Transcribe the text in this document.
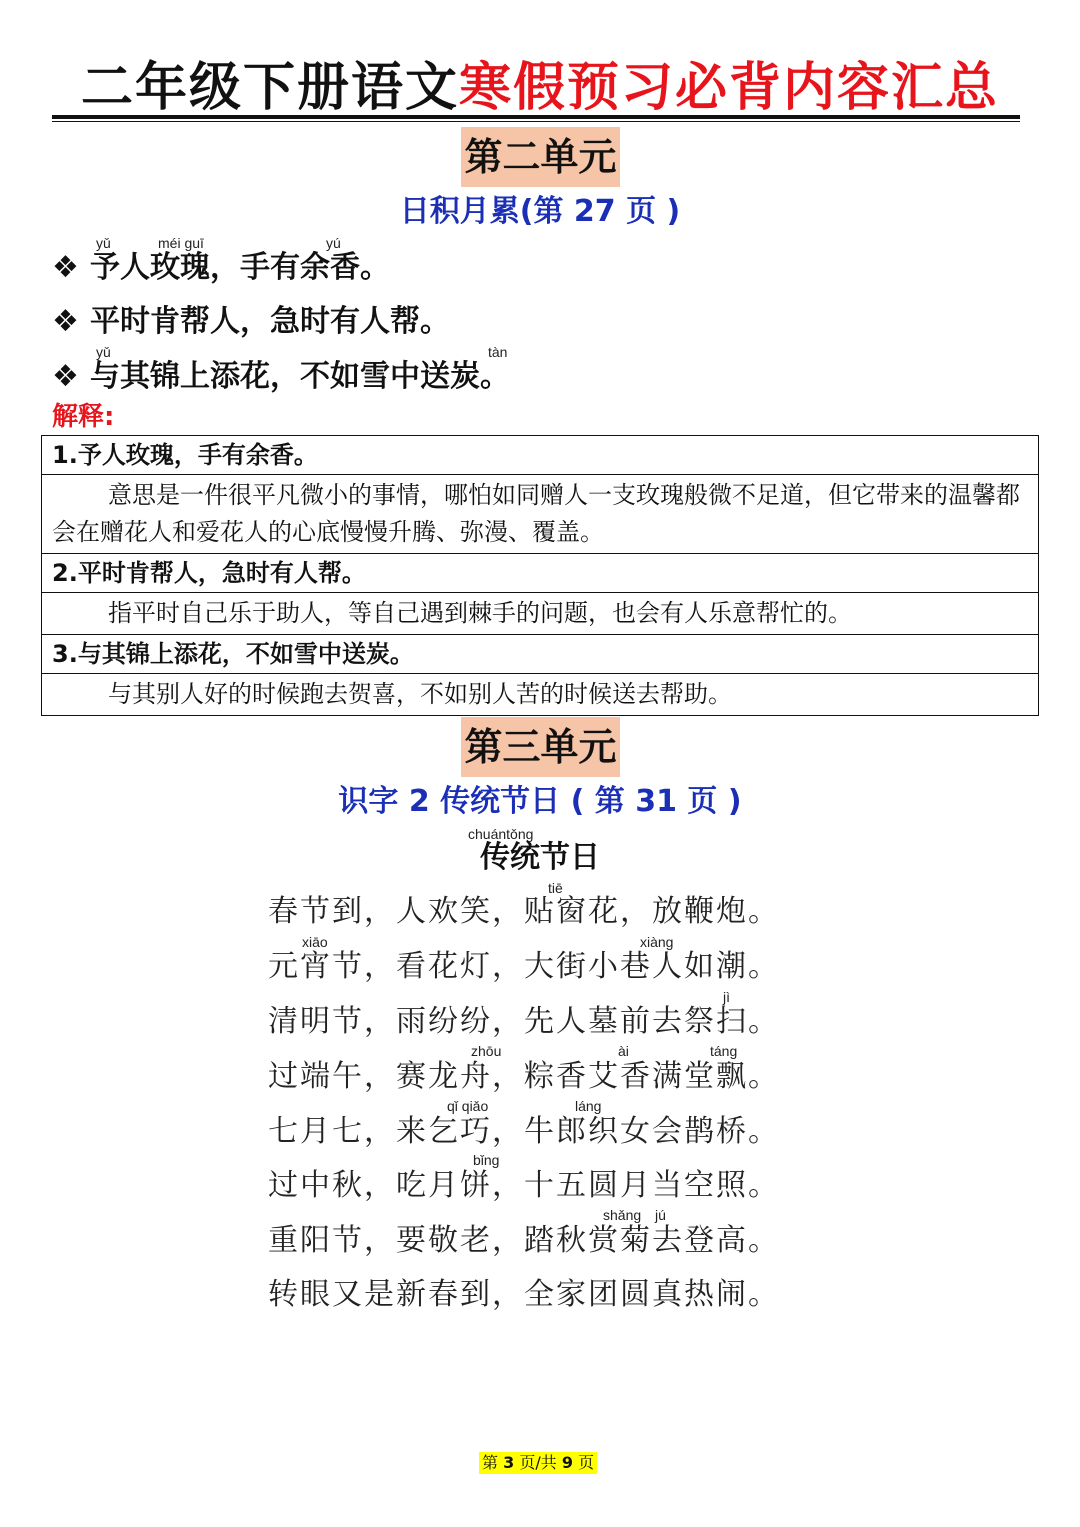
二年级下册语文寒假预习必背内容汇总
第二单元
日积月累(第 27 页 )
yǔ	méi guī	yú
❖ 予人玫瑰，手有余香。
❖ 平时肯帮人，急时有人帮。
yǔ	tàn
❖ 与其锦上添花，不如雪中送炭。
解释:
1.予人玫瑰，手有余香。
意思是一件很平凡微小的事情，哪怕如同赠人一支玫瑰般微不足道，但它带来的温馨都会在赠花人和爱花人的心底慢慢升腾、弥漫、覆盖。
2.平时肯帮人，急时有人帮。
指平时自己乐于助人，等自己遇到棘手的问题，也会有人乐意帮忙的。
3.与其锦上添花，不如雪中送炭。
与其别人好的时候跑去贺喜，不如别人苦的时候送去帮助。
第三单元
识字 2 传统节日 ( 第 31 页 )
chuántǒng
传统节日
tiē
春节到，人欢笑，贴窗花，放鞭炮。
xiāo	xiàng
元宵节，看花灯，大街小巷人如潮。
jì
清明节，雨纷纷，先人墓前去祭扫。
zhōu	ài	táng
过端午，赛龙舟，粽香艾香满堂飘。
qǐ qiǎo	láng
七月七，来乞巧，牛郎织女会鹊桥。
bǐng
过中秋，吃月饼，十五圆月当空照。
shǎng jú
重阳节，要敬老，踏秋赏菊去登高。
转眼又是新春到，全家团圆真热闹。
第 3 页/共 9 页
